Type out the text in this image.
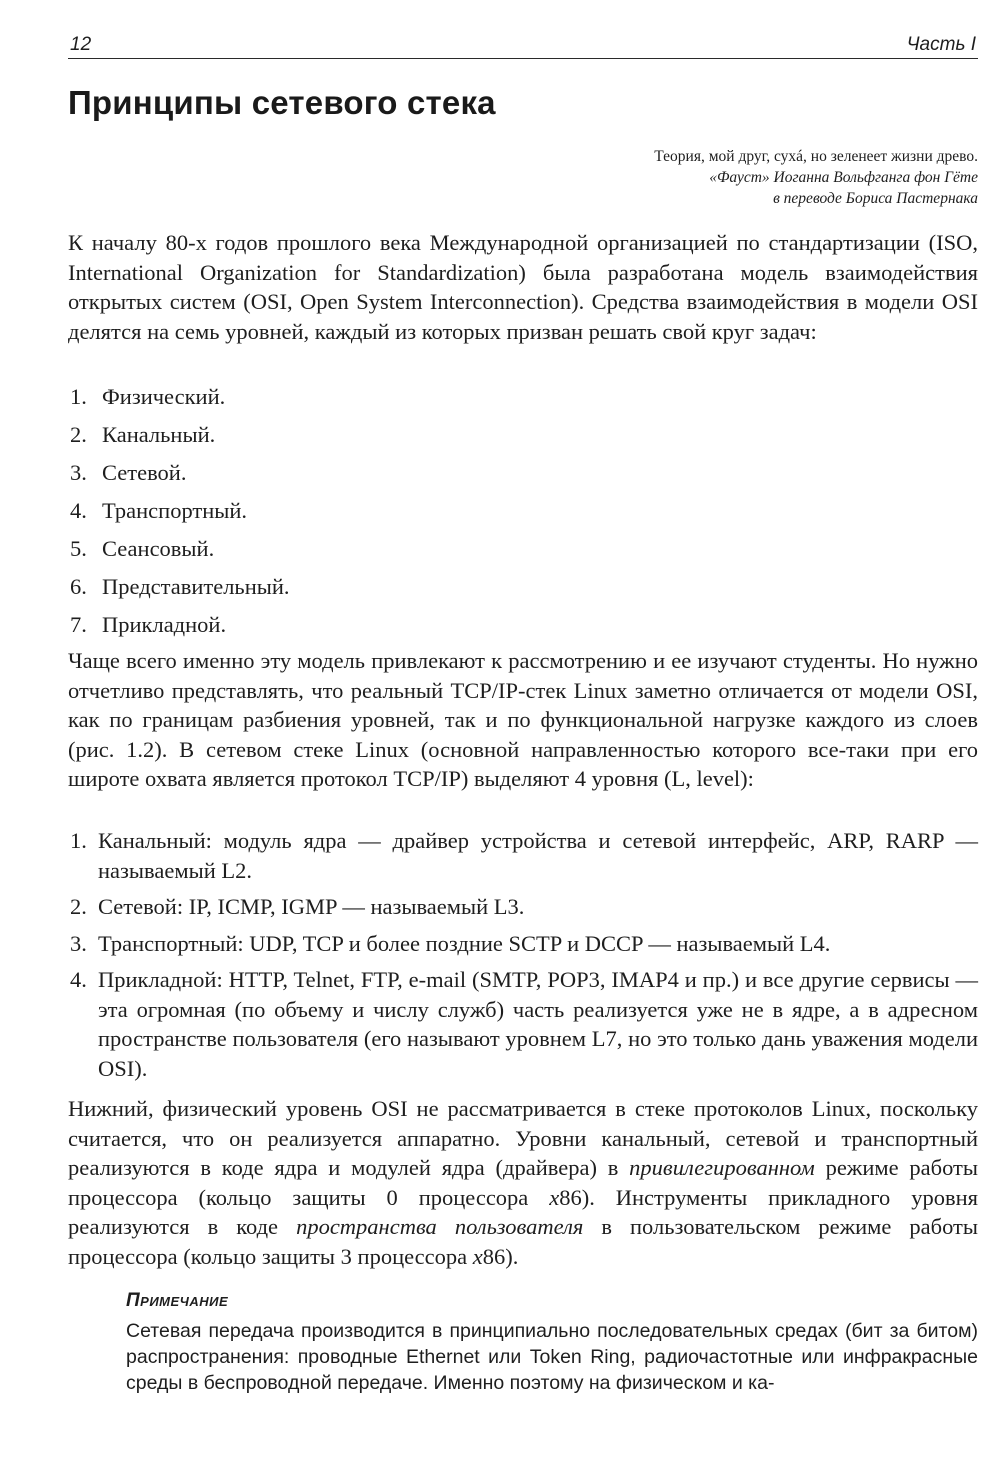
12	Часть I
Принципы сетевого стека
Теория, мой друг, сухá, но зеленеет жизни древо.
«Фауст» Иоганна Вольфганга фон Гёте
в переводе Бориса Пастернака

К началу 80-х годов прошлого века Международной организацией по стандартизации (ISO, International Organization for Standardization) была разработана модель взаимодействия открытых систем (OSI, Open System Interconnection). Средства взаимодействия в модели OSI делятся на семь уровней, каждый из которых призван решать свой круг задач:

1. Физический.
2. Канальный.
3. Сетевой.
4. Транспортный.
5. Сеансовый.
6. Представительный.
7. Прикладной.

Чаще всего именно эту модель привлекают к рассмотрению и ее изучают студенты. Но нужно отчетливо представлять, что реальный TCP/IP-стек Linux заметно отличается от модели OSI, как по границам разбиения уровней, так и по функциональной нагрузке каждого из слоев (рис. 1.2). В сетевом стеке Linux (основной направленностью которого все-таки при его широте охвата является протокол TCP/IP) выделяют 4 уровня (L, level):

1. Канальный: модуль ядра — драйвер устройства и сетевой интерфейс, ARP, RARP — называемый L2.
2. Сетевой: IP, ICMP, IGMP — называемый L3.
3. Транспортный: UDP, TCP и более поздние SCTP и DCCP — называемый L4.
4. Прикладной: HTTP, Telnet, FTP, e-mail (SMTP, POP3, IMAP4 и пр.) и все другие сервисы — эта огромная (по объему и числу служб) часть реализуется уже не в ядре, а в адресном пространстве пользователя (его называют уровнем L7, но это только дань уважения модели OSI).

Нижний, физический уровень OSI не рассматривается в стеке протоколов Linux, поскольку считается, что он реализуется аппаратно. Уровни канальный, сетевой и транспортный реализуются в коде ядра и модулей ядра (драйвера) в привилегированном режиме работы процессора (кольцо защиты 0 процессора x86). Инструменты прикладного уровня реализуются в коде пространства пользователя в пользовательском режиме работы процессора (кольцо защиты 3 процессора x86).

Примечание
Сетевая передача производится в принципиально последовательных средах (бит за битом) распространения: проводные Ethernet или Token Ring, радиочастотные или инфракрасные среды в беспроводной передаче. Именно поэтому на физическом и ка-
